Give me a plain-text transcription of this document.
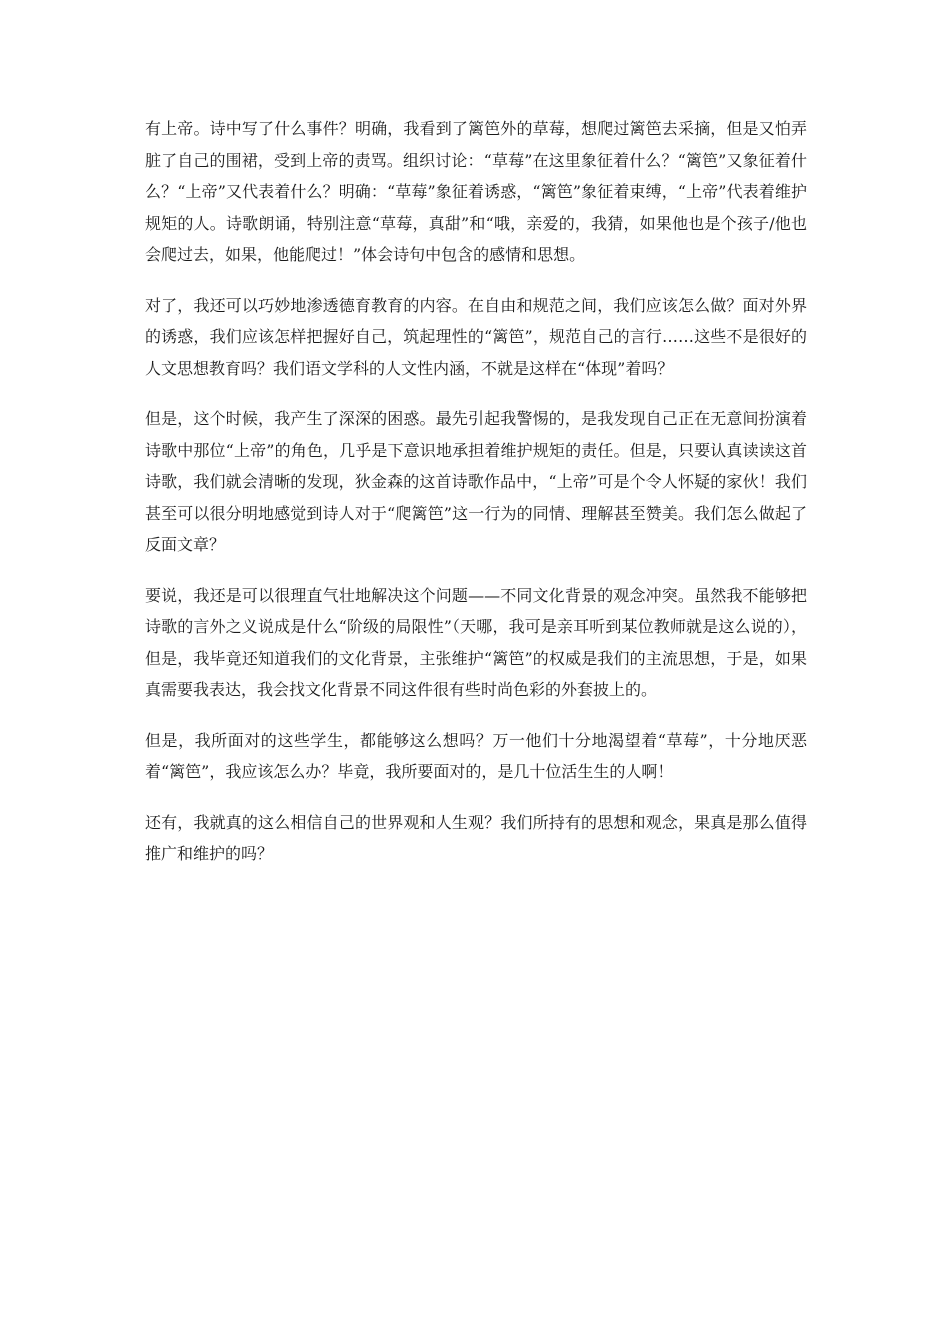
有上帝。诗中写了什么事件？明确，我看到了篱笆外的草莓，想爬过篱笆去采摘，但是又怕弄脏了自己的围裙，受到上帝的责骂。组织讨论：“草莓”在这里象征着什么？“篱笆”又象征着什么？“上帝”又代表着什么？明确：“草莓”象征着诱惑，“篱笆”象征着束缚，“上帝”代表着维护规矩的人。诗歌朗诵，特别注意“草莓，真甜”和“哦，亲爱的，我猜，如果他也是个孩子/他也会爬过去，如果，他能爬过！”体会诗句中包含的感情和思想。

对了，我还可以巧妙地渗透德育教育的内容。在自由和规范之间，我们应该怎么做？面对外界的诱惑，我们应该怎样把握好自己，筑起理性的“篱笆”，规范自己的言行……这些不是很好的人文思想教育吗？我们语文学科的人文性内涵，不就是这样在“体现”着吗？

但是，这个时候，我产生了深深的困惑。最先引起我警惕的，是我发现自己正在无意间扮演着诗歌中那位“上帝”的角色，几乎是下意识地承担着维护规矩的责任。但是，只要认真读读这首诗歌，我们就会清晰的发现，狄金森的这首诗歌作品中，“上帝”可是个令人怀疑的家伙！我们甚至可以很分明地感觉到诗人对于“爬篱笆”这一行为的同情、理解甚至赞美。我们怎么做起了反面文章？

要说，我还是可以很理直气壮地解决这个问题——不同文化背景的观念冲突。虽然我不能够把诗歌的言外之义说成是什么“阶级的局限性”（天哪，我可是亲耳听到某位教师就是这么说的），但是，我毕竟还知道我们的文化背景，主张维护“篱笆”的权威是我们的主流思想，于是，如果真需要我表达，我会找文化背景不同这件很有些时尚色彩的外套披上的。

但是，我所面对的这些学生，都能够这么想吗？万一他们十分地渴望着“草莓”，十分地厌恶着“篱笆”，我应该怎么办？毕竟，我所要面对的，是几十位活生生的人啊！

还有，我就真的这么相信自己的世界观和人生观？我们所持有的思想和观念，果真是那么值得推广和维护的吗？
